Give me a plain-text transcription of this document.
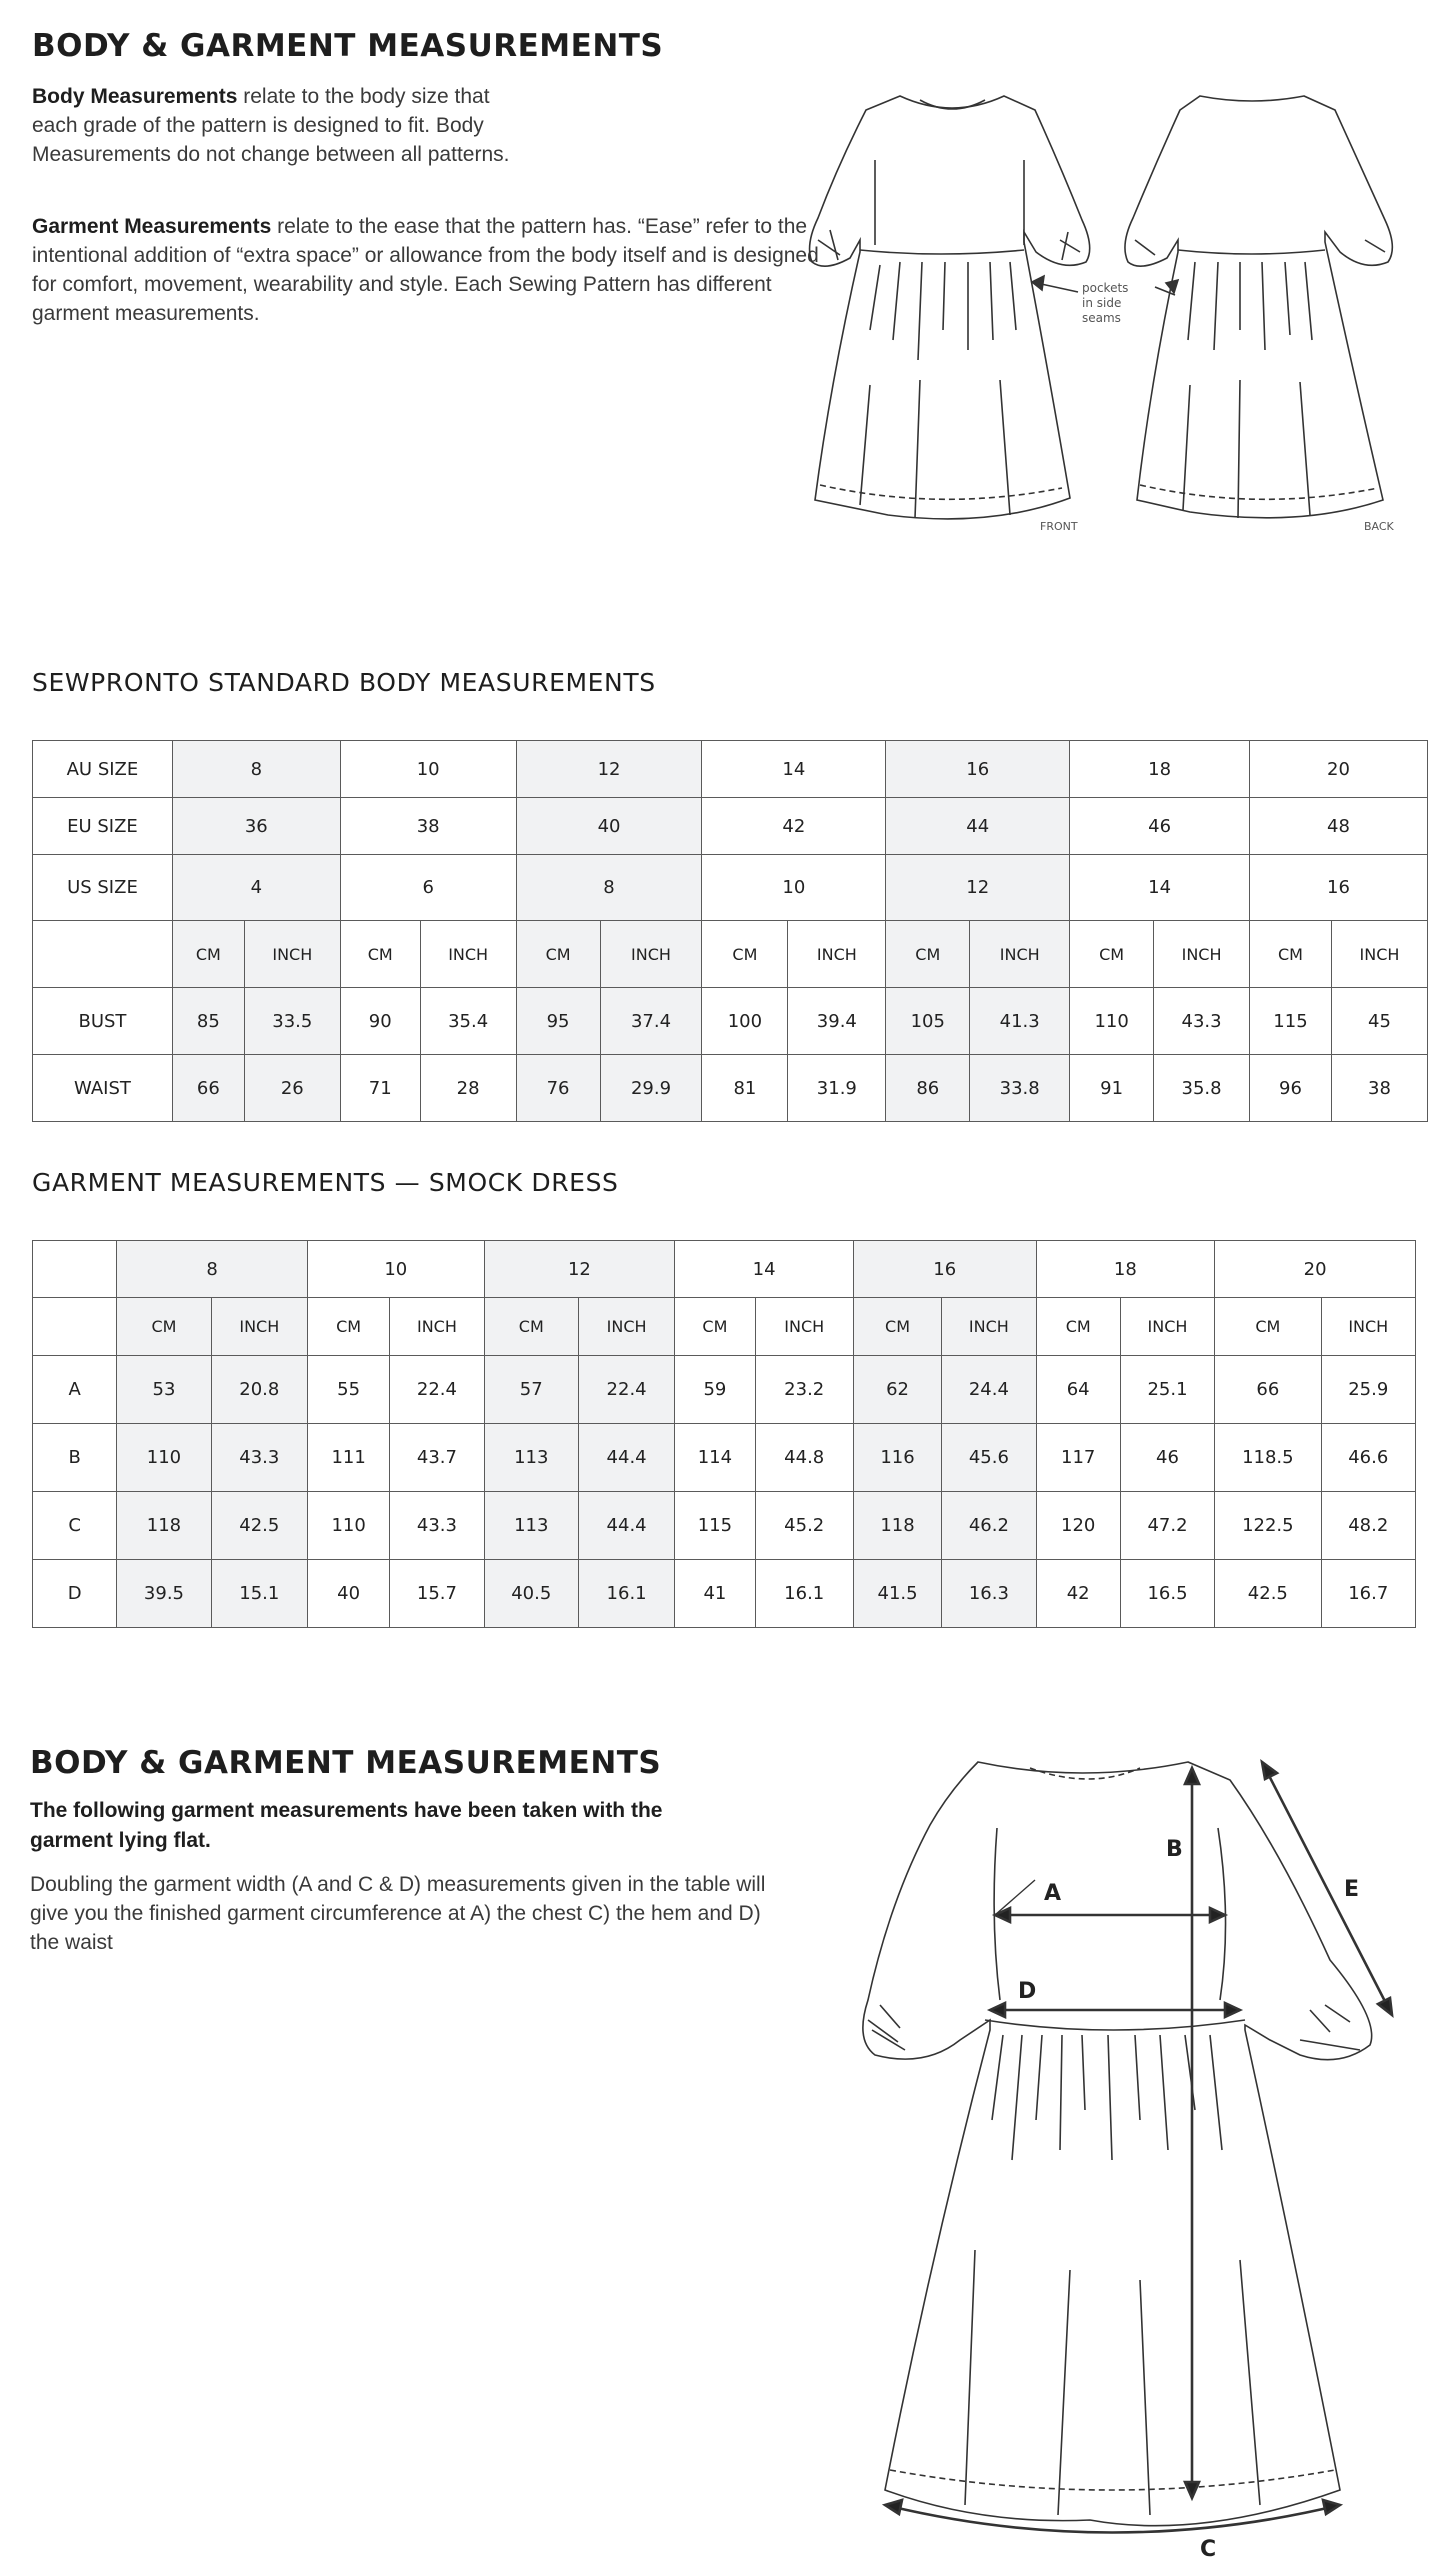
BODY & GARMENT MEASUREMENTS
Body Measurements relate to the body size that each grade of the pattern is designed to fit. Body Measurements do not change between all patterns.
Garment Measurements relate to the ease that the pattern has. “Ease” refer to the intentional addition of “extra space” or allowance from the body itself and is designed for comfort, movement, wearability and style. Each Sewing Pattern has different garment measurements.
pockets
in side
seams
FRONT	BACK
SEWPRONTO STANDARD BODY MEASUREMENTS
AU SIZE	8		10		12		14		16		18		20	
EU SIZE	36		38		40		42		44		46		48	
US SIZE	4		6		8		10		12		14		16	
	CM	INCH	CM	INCH	CM	INCH	CM	INCH	CM	INCH	CM	INCH	CM	INCH
BUST	85	33.5	90	35.4	95	37.4	100	39.4	105	41.3	110	43.3	115	45
WAIST	66	26	71	28	76	29.9	81	31.9	86	33.8	91	35.8	96	38
GARMENT MEASUREMENTS — SMOCK DRESS
	8		10		12		14		16		18		20	
	CM	INCH	CM	INCH	CM	INCH	CM	INCH	CM	INCH	CM	INCH	CM	INCH
A	53	20.8	55	22.4	57	22.4	59	23.2	62	24.4	64	25.1	66	25.9
B	110	43.3	111	43.7	113	44.4	114	44.8	116	45.6	117	46	118.5	46.6
C	118	42.5	110	43.3	113	44.4	115	45.2	118	46.2	120	47.2	122.5	48.2
D	39.5	15.1	40	15.7	40.5	16.1	41	16.1	41.5	16.3	42	16.5	42.5	16.7
BODY & GARMENT MEASUREMENTS
The following garment measurements have been taken with the garment lying flat.
Doubling the garment width (A and C & D) measurements given in the table will give you the finished garment circumference at A) the chest C) the hem and D) the waist
A
D
B
E
C
